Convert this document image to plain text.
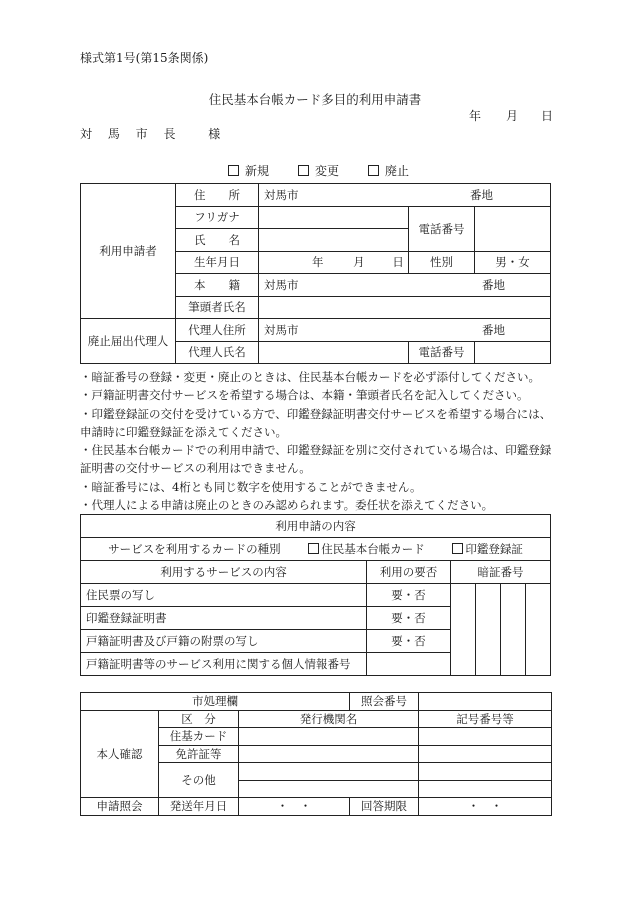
様式第1号(第15条関係)
住民基本台帳カード多目的利用申請書
年 月 日
対 馬 市 長 様
新規	変更	廃止
利用申請者	住　　所	対馬市 番地		

	フリガナ		電話番号	
	氏　　名			
	生年月日	年 月 日	性別	男・女
	本　　籍	対馬市 番地		

	筆頭者氏名			
廃止届出代理人	代理人住所	対馬市 番地		

	代理人氏名		電話番号	

・暗証番号の登録・変更・廃止のときは、住民基本台帳カードを必ず添付してください。

・戸籍証明書交付サービスを希望する場合は、本籍・筆頭者氏名を記入してください。

・印鑑登録証の交付を受けている方で、印鑑登録証明書交付サービスを希望する場合には、申請時に印鑑登録証を添えてください。

・住民基本台帳カードでの利用申請で、印鑑登録証を別に交付されている場合は、印鑑登録証明書の交付サービスの利用はできません。

・暗証番号には、4桁とも同じ数字を使用することができません。

・代理人による申請は廃止のときのみ認められます。委任状を添えてください。

利用申請の内容					
サービスを利用するカードの種別 住民基本台帳カード 印鑑登録証					
利用するサービスの内容	利用の要否	暗証番号			
住民票の写し	要・否				
印鑑登録証明書	要・否				
戸籍証明書及び戸籍の附票の写し	要・否				
戸籍証明書等のサービス利用に関する個人情報番号					
市処理欄			照会番号	
本人確認	区　分	発行機関名		記号番号等
	住基カード			
	免許証等			
	その他			

申請照会	発送年月日	・　・	回答期限	・　・
